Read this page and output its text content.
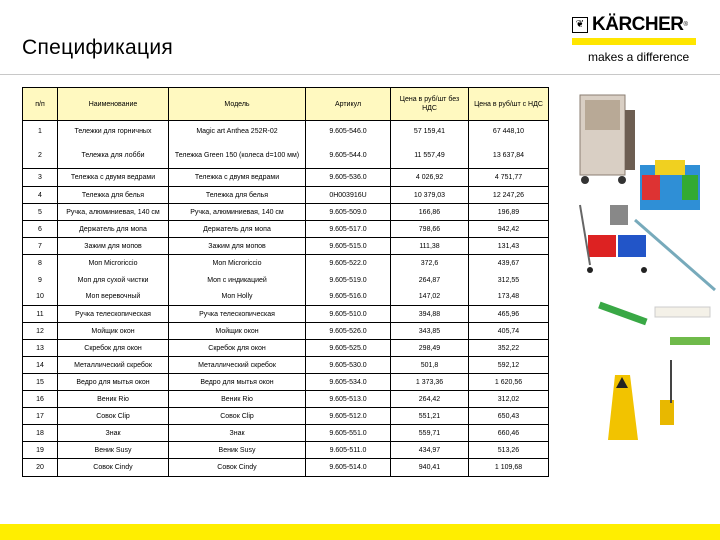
Спецификация
❦ KÄRCHER ®
makes a difference
п/п	Наименование	Модель	Артикул	Цена в руб/шт без НДС	Цена в руб/шт с НДС
1	Тележки для горничных	Magic art Anthea 252R-02	9.605-546.0	57 159,41	67 448,10
2	Тележка для лобби	Тележка Green 150 (колеса d=100 мм)	9.605-544.0	11 557,49	13 637,84
3	Тележка с двумя ведрами	Тележка с двумя ведрами	9.605-536.0	4 026,92	4 751,77
4	Тележка для белья	Тележка для белья	0H003916U	10 379,03	12 247,26
5	Ручка, алюминиевая, 140 см	Ручка, алюминиевая, 140 см	9.605-509.0	166,86	196,89
6	Держатель для мопа	Держатель для мопа	9.605-517.0	798,66	942,42
7	Зажим для мопов	Зажим для мопов	9.605-515.0	111,38	131,43
8	Моп Microriccio	Моп Microriccio	9.605-522.0	372,6	439,67
9	Моп для сухой чистки	Моп с индикацией	9.605-519.0	264,87	312,55
10	Моп веревочный	Моп Holly	9.605-516.0	147,02	173,48
11	Ручка телескопическая	Ручка телескопическая	9.605-510.0	394,88	465,96
12	Мойщик окон	Мойщик окон	9.605-526.0	343,85	405,74
13	Скребок для окон	Скребок для окон	9.605-525.0	298,49	352,22
14	Металлический скребок	Металлический скребок	9.605-530.0	501,8	592,12
15	Ведро для мытья окон	Ведро для мытья окон	9.605-534.0	1 373,36	1 620,56
16	Веник Rio	Веник Rio	9.605-513.0	264,42	312,02
17	Совок Clip	Совок Clip	9.605-512.0	551,21	650,43
18	Знак	Знак	9.605-551.0	559,71	660,46
19	Веник Susy	Веник Susy	9.605-511.0	434,97	513,26
20	Совок Cindy	Совок Cindy	9.605-514.0	940,41	1 109,68
